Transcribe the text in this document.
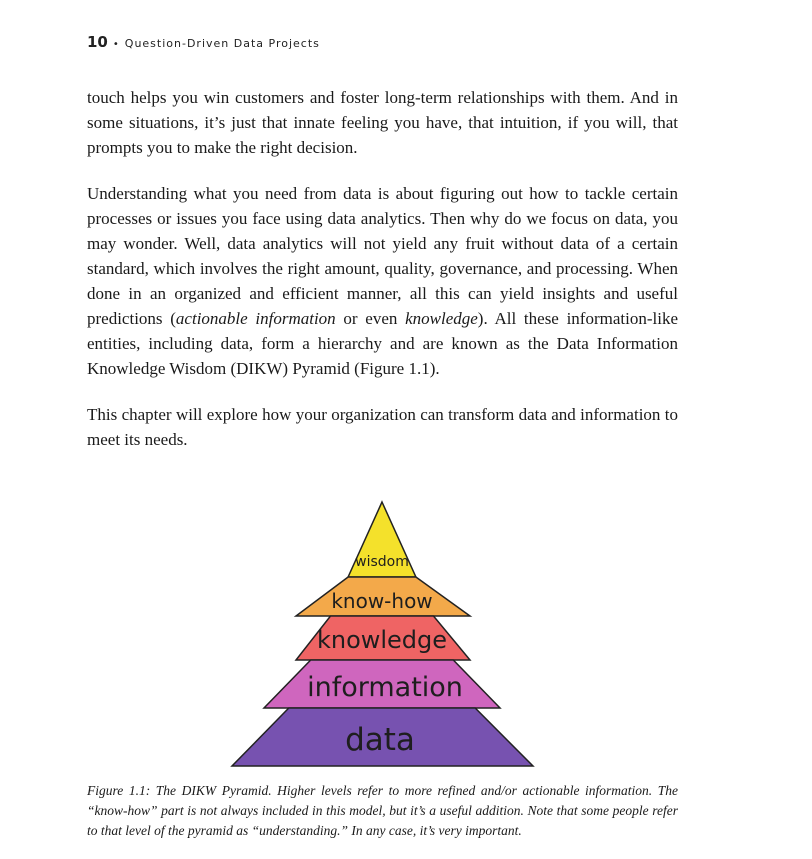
10 • Question-Driven Data Projects

touch helps you win customers and foster long-term relationships with them. And in some situations, it’s just that innate feeling you have, that intuition, if you will, that prompts you to make the right decision.

Understanding what you need from data is about figuring out how to tackle certain processes or issues you face using data analytics. Then why do we focus on data, you may wonder. Well, data analytics will not yield any fruit without data of a certain standard, which involves the right amount, quality, governance, and processing. When done in an organized and efficient manner, all this can yield insights and useful predictions (actionable information or even knowledge). All these information-like entities, including data, form a hierarchy and are known as the Data Information Knowledge Wisdom (DIKW) Pyramid (Figure 1.1).

This chapter will explore how your organization can transform data and information to meet its needs.

wisdom
know-how
knowledge
information
data
Figure 1.1: The DIKW Pyramid. Higher levels refer to more refined and/or actionable information. The “know-how” part is not always included in this model, but it’s a useful addition. Note that some people refer to that level of the pyramid as “understanding.” In any case, it’s very important.
